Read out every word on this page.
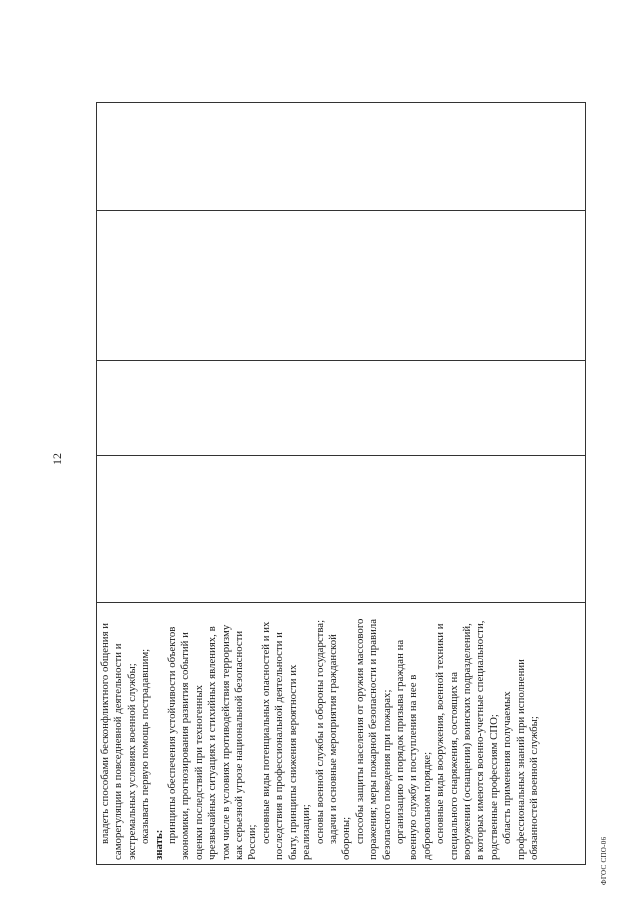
12

владеть способами бесконфликтного общения и саморегуляции в повседневной деятельности и экстремальных условиях военной службы; оказывать первую помощь пострадавшим;

знать:

принципы обеспечения устойчивости объектов экономики, прогнозирования развития событий и оценки последствий при техногенных чрезвычайных ситуациях и стихийных явлениях, в том числе в условиях противодействия терроризму как серьезной угрозе национальной безопасности России; основные виды потенциальных опасностей и их последствия в профессиональной деятельности и быту, принципы снижения вероятности их реализации; основы военной службы и обороны государства; задачи и основные мероприятия гражданской обороны; способы защиты населения от оружия массового поражения; меры пожарной безопасности и правила безопасного поведения при пожарах; организацию и порядок призыва граждан на военную службу и поступления на нее в добровольном порядке; основные виды вооружения, военной техники и специального снаряжения, состоящих на вооружении (оснащении) воинских подразделений, в которых имеются военно-учетные специальности, родственные профессиям СПО; область применения получаемых профессиональных знаний при исполнении обязанностей военной службы;

ФГОС СПО-06
